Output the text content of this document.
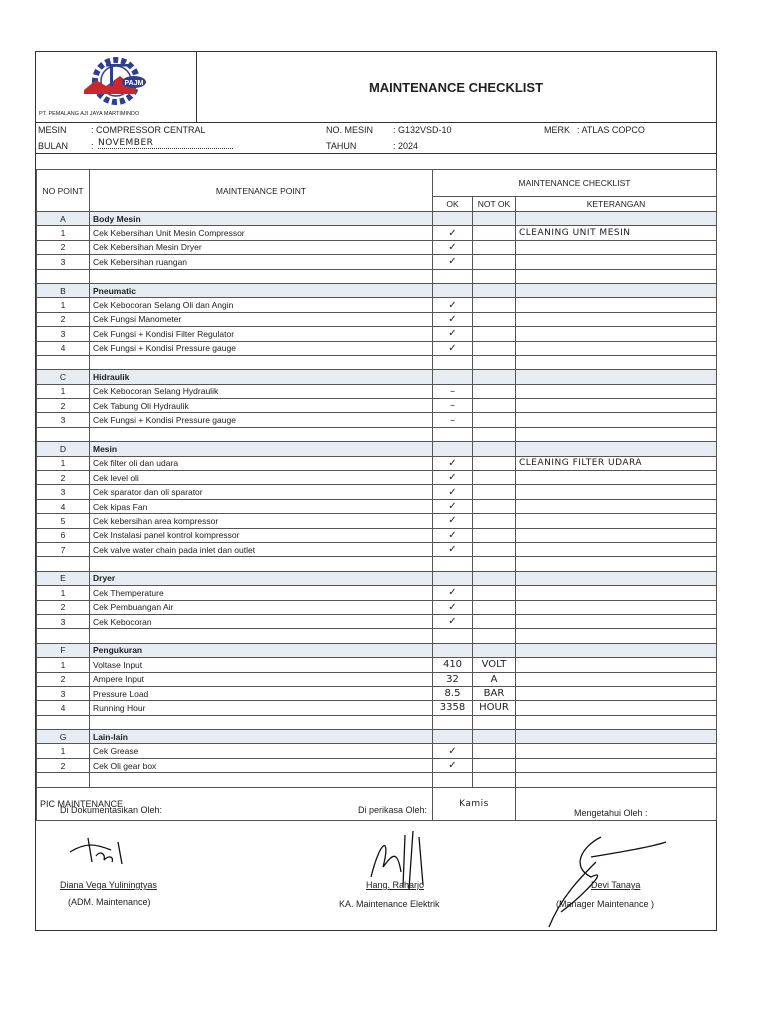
PAJM
PT. PEMALANG AJI JAYA MARTIMINDO
MAINTENANCE CHECKLIST
MESIN	: COMPRESSOR CENTRAL	NO. MESIN : G132VSD-10	MERK : ATLAS COPCO
BULAN	: NOVEMBER	TAHUN	: 2024
NO POINT	MAINTENANCE POINT	MAINTENANCE CHECKLIST		
		OK	NOT OK	KETERANGAN
A	Body Mesin			
1	Cek Kebersihan Unit Mesin Compressor	✓		CLEANING UNIT MESIN
2	Cek Kebersihan Mesin Dryer	✓		
3	Cek Kebersihan ruangan	✓		

B	Pneumatic			
1	Cek Kebocoran Selang Oli dan Angin	✓		
2	Cek Fungsi Manometer	✓		
3	Cek Fungsi + Kondisi Filter Regulator	✓		
4	Cek Fungsi + Kondisi Pressure gauge	✓		

C	Hidraulik			
1	Cek Kebocoran Selang Hydraulik	–		
2	Cek Tabung Oli Hydraulik	–		
3	Cek Fungsi + Kondisi Pressure gauge	–		

D	Mesin			
1	Cek filter oli dan udara	✓		CLEANING FILTER UDARA
2	Cek level oli	✓		
3	Cek sparator dan oli sparator	✓		
4	Cek kipas Fan	✓		
5	Cek kebersihan area kompressor	✓		
6	Cek Instalasi panel kontrol kompressor	✓		
7	Cek valve water chain pada inlet dan outlet	✓		

E	Dryer			
1	Cek Themperature	✓		
2	Cek Pembuangan Air	✓		
3	Cek Kebocoran	✓		

F	Pengukuran			
1	Voltase Input	410	VOLT	
2	Ampere Input	32	A	
3	Pressure Load	8.5	BAR	
4	Running Hour	3358	HOUR	

G	Lain-lain			
1	Cek Grease	✓		
2	Cek Oli gear box	✓		

PIC MAINTENANCE		Kamis		
Di Dokumentasikan Oleh:	Di perikasa Oleh:	Mengetahui Oleh :
Diana Vega Yuliningtyas
(ADM. Maintenance)
Hang. Raharjo
KA. Maintenance Elektrik
Devi Tanaya
(Manager Maintenance )
